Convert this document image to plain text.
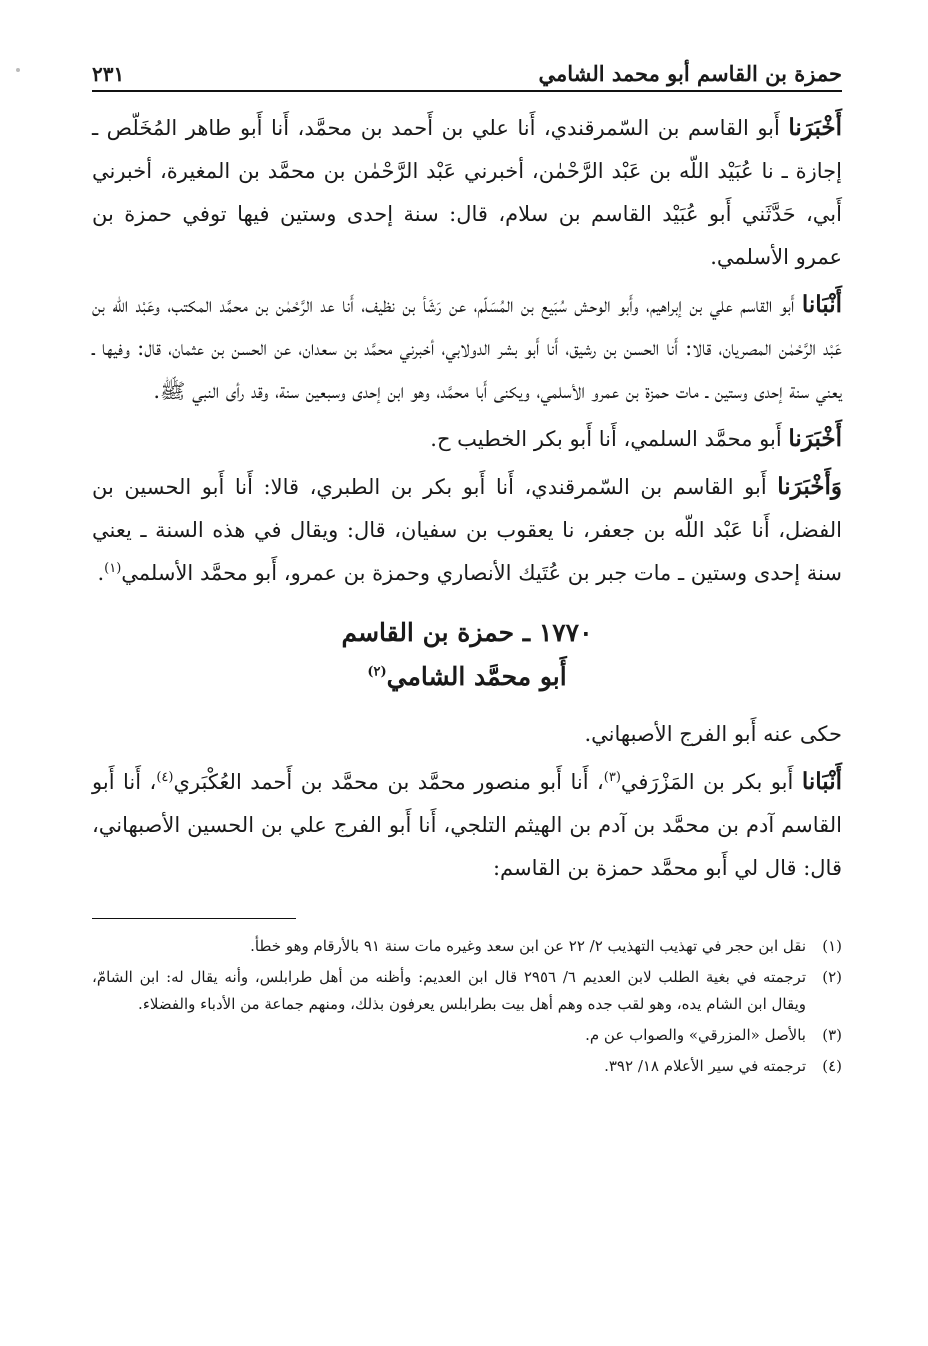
حمزة بن القاسم أبو محمد الشامي
٢٣١

أَخْبَرَنا أَبو القاسم بن السّمرقندي، أَنا علي بن أَحمد بن محمَّد، أَنا أَبو طاهر المُخَلّص ـ إجازة ـ نا عُبَيْد اللّه بن عَبْد الرَّحْمٰن، أخبرني عَبْد الرَّحْمٰن بن محمَّد بن المغيرة، أخبرني أَبي، حَدَّثَني أَبو عُبَيْد القاسم بن سلام، قال: سنة إحدى وستين فيها توفي حمزة بن عمرو الأسلمي.

أَنْبَانا أَبو القاسم علي بن إبراهيم، وأَبو الوحش سُبَيع بن المُسَلّم، عن رَشَأ بن نظيف، أَنا عد الرَّحْمٰن بن محمَّد المكتب، وعَبْد اللّه بن عَبْد الرَّحْمٰن المصريان، قالا: أَنا الحسن بن رشيق، أَنا أَبو بشر الدولابي، أخبرني محمَّد بن سعدان، عن الحسن بن عثمان، قال: وفيها ـ يعني سنة إحدى وستين ـ مات حمزة بن عمرو الأسلمي، ويكنى أَبا محمَّد، وهو ابن إحدى وسبعين سنة، وقد رأى النبي ﷺ.

أَخْبَرَنا أَبو محمَّد السلمي، أَنا أَبو بكر الخطيب ح.

وَأَخْبَرَنا أَبو القاسم بن السّمرقندي، أَنا أَبو بكر بن الطبري، قالا: أَنا أَبو الحسين بن الفضل، أَنا عَبْد اللّه بن جعفر، نا يعقوب بن سفيان، قال: ويقال في هذه السنة ـ يعني سنة إحدى وستين ـ مات جبر بن عُتَيك الأنصاري وحمزة بن عمرو، أَبو محمَّد الأسلمي$^{(١)}$.

١٧٧٠ ـ حمزة بن القاسم
أَبو محمَّد الشامي$^{(٢)}$

حكى عنه أَبو الفرج الأصبهاني.

أَنْبَانا أَبو بكر بن المَزْرَفي$^{(٣)}$، أَنا أَبو منصور محمَّد بن محمَّد بن أَحمد العُكْبَري$^{(٤)}$، أَنا أَبو القاسم آدم بن محمَّد بن آدم بن الهيثم التلجي، أَنا أَبو الفرج علي بن الحسين الأصبهاني، قال: قال لي أَبو محمَّد حمزة بن القاسم:

(١)
نقل ابن حجر في تهذيب التهذيب ٢/ ٢٢ عن ابن سعد وغيره مات سنة ٩١ بالأرقام وهو خطأ.
(٢)
ترجمته في بغية الطلب لابن العديم ٦/ ٢٩٥٦ قال ابن العديم: وأظنه من أهل طرابلس، وأنه يقال له: ابن الشامّ، ويقال ابن الشام يده، وهو لقب جده وهم أهل بيت بطرابلس يعرفون بذلك، ومنهم جماعة من الأدباء والفضلاء.
(٣)
بالأصل «المزرقي» والصواب عن م.
(٤)
ترجمته في سير الأعلام ١٨/ ٣٩٢.
